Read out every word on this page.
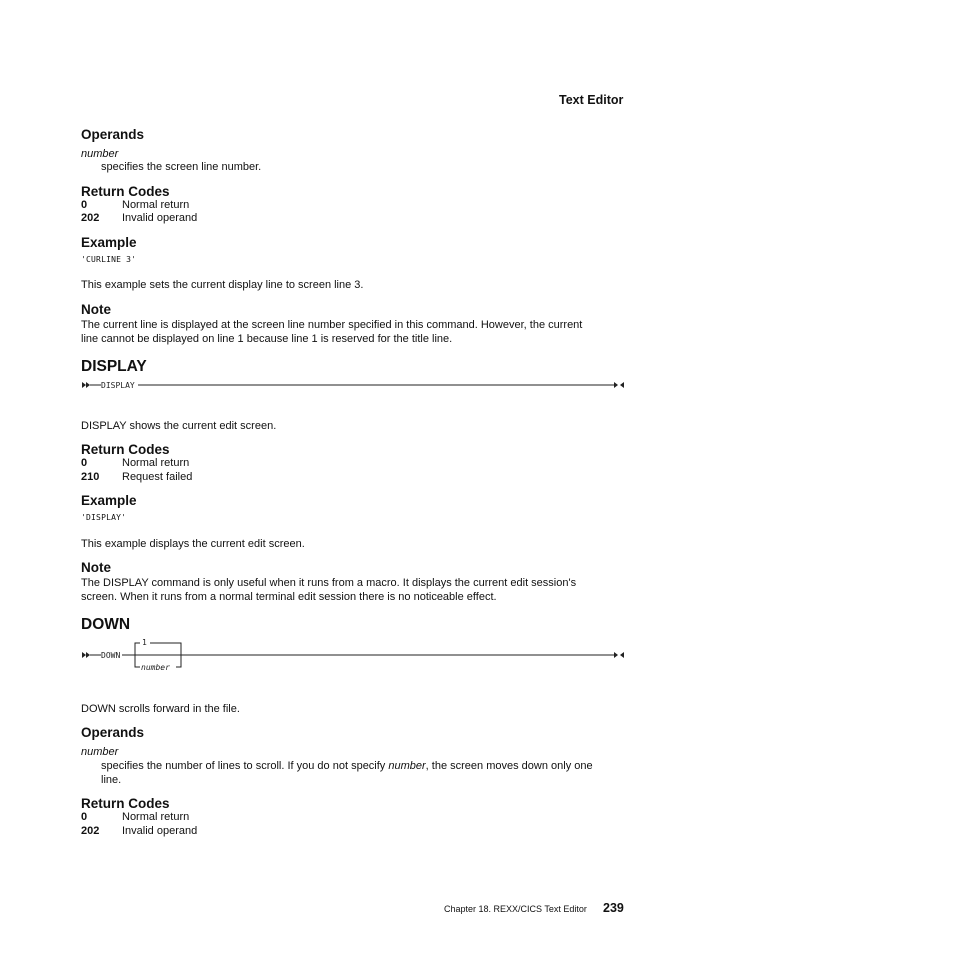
Text Editor
Operands
number
specifies the screen line number.
Return Codes
0	Normal return
202 Invalid operand
Example
'CURLINE 3'
This example sets the current display line to screen line 3.
Note
The current line is displayed at the screen line number specified in this command. However, the current
line cannot be displayed on line 1 because line 1 is reserved for the title line.
DISPLAY
DISPLAY
DISPLAY shows the current edit screen.
Return Codes
0	Normal return
210 Request failed
Example
'DISPLAY'
This example displays the current edit screen.
Note
The DISPLAY command is only useful when it runs from a macro. It displays the current edit session's
screen. When it runs from a normal terminal edit session there is no noticeable effect.
DOWN
DOWN
1
number
DOWN scrolls forward in the file.
Operands
number
specifies the number of lines to scroll. If you do not specify number, the screen moves down only one
line.
Return Codes
0	Normal return
202 Invalid operand
Chapter 18. REXX/CICS Text Editor 239
